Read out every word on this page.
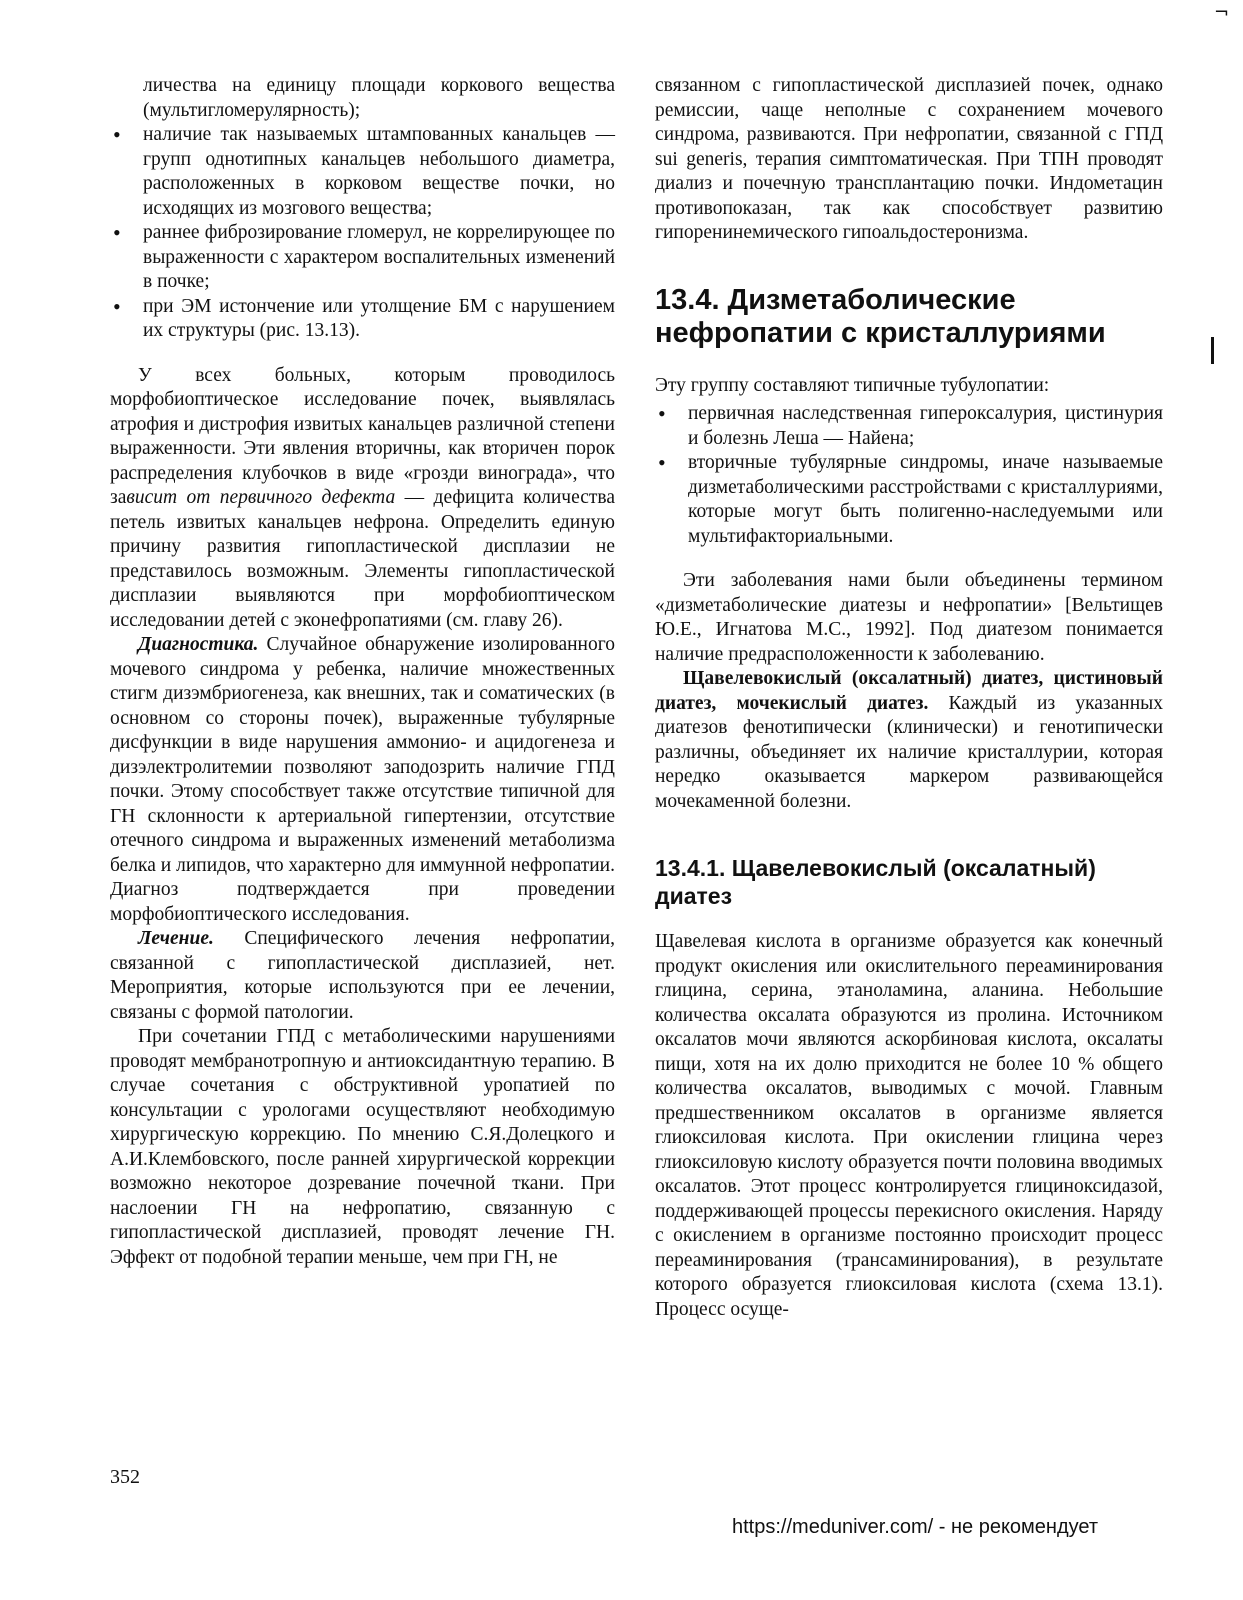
¬
личества на единицу площади коркового вещества (мультигломерулярность);
• наличие так называемых штампованных канальцев — групп однотипных канальцев небольшого диаметра, расположенных в корковом веществе почки, но исходящих из мозгового вещества;
• раннее фиброзирование гломерул, не коррелирующее по выраженности с характером воспалительных изменений в почке;
• при ЭМ истончение или утолщение БМ с нарушением их структуры (рис. 13.13).

У всех больных, которым проводилось морфобиоптическое исследование почек, выявлялась атрофия и дистрофия извитых канальцев различной степени выраженности. Эти явления вторичны, как вторичен порок распределения клубочков в виде «грозди винограда», что зависит от первичного дефекта — дефицита количества петель извитых канальцев нефрона. Определить единую причину развития гипопластической дисплазии не представилось возможным. Элементы гипопластической дисплазии выявляются при морфобиоптическом исследовании детей с эконефропатиями (см. главу 26).

Диагностика. Случайное обнаружение изолированного мочевого синдрома у ребенка, наличие множественных стигм дизэмбриогенеза, как внешних, так и соматических (в основном со стороны почек), выраженные тубулярные дисфункции в виде нарушения аммонио- и ацидогенеза и дизэлектролитемии позволяют заподозрить наличие ГПД почки. Этому способствует также отсутствие типичной для ГН склонности к артериальной гипертензии, отсутствие отечного синдрома и выраженных изменений метаболизма белка и липидов, что характерно для иммунной нефропатии. Диагноз подтверждается при проведении морфобиоптического исследования.

Лечение. Специфического лечения нефропатии, связанной с гипопластической дисплазией, нет. Мероприятия, которые используются при ее лечении, связаны с формой патологии.

При сочетании ГПД с метаболическими нарушениями проводят мембранотропную и антиоксидантную терапию. В случае сочетания с обструктивной уропатией по консультации с урологами осуществляют необходимую хирургическую коррекцию. По мнению С.Я.Долецкого и А.И.Клембовского, после ранней хирургической коррекции возможно некоторое дозревание почечной ткани. При наслоении ГН на нефропатию, связанную с гипопластической дисплазией, проводят лечение ГН. Эффект от подобной терапии меньше, чем при ГН, не

связанном с гипопластической дисплазией почек, однако ремиссии, чаще неполные с сохранением мочевого синдрома, развиваются. При нефропатии, связанной с ГПД sui generis, терапия симптоматическая. При ТПН проводят диализ и почечную трансплантацию почки. Индометацин противопоказан, так как способствует развитию гипоренинемического гипоальдостеронизма.

13.4. Дизметаболические нефропатии с кристаллуриями

Эту группу составляют типичные тубулопатии:

• первичная наследственная гипероксалурия, цистинурия и болезнь Леша — Найена;
• вторичные тубулярные синдромы, иначе называемые дизметаболическими расстройствами с кристаллуриями, которые могут быть полигенно-наследуемыми или мультифакториальными.

Эти заболевания нами были объединены термином «дизметаболические диатезы и нефропатии» [Вельтищев Ю.Е., Игнатова М.С., 1992]. Под диатезом понимается наличие предрасположенности к заболеванию.

Щавелевокислый (оксалатный) диатез, цистиновый диатез, мочекислый диатез. Каждый из указанных диатезов фенотипически (клинически) и генотипически различны, объединяет их наличие кристаллурии, которая нередко оказывается маркером развивающейся мочекаменной болезни.

13.4.1. Щавелевокислый (оксалатный) диатез

Щавелевая кислота в организме образуется как конечный продукт окисления или окислительного переаминирования глицина, серина, этаноламина, аланина. Небольшие количества оксалата образуются из пролина. Источником оксалатов мочи являются аскорбиновая кислота, оксалаты пищи, хотя на их долю приходится не более 10 % общего количества оксалатов, выводимых с мочой. Главным предшественником оксалатов в организме является глиоксиловая кислота. При окислении глицина через глиоксиловую кислоту образуется почти половина вводимых оксалатов. Этот процесс контролируется глициноксидазой, поддерживающей процессы перекисного окисления. Наряду с окислением в организме постоянно происходит процесс переаминирования (трансаминирования), в результате которого образуется глиоксиловая кислота (схема 13.1). Процесс осуще-

352
https://meduniver.com/ - не рекомендует
